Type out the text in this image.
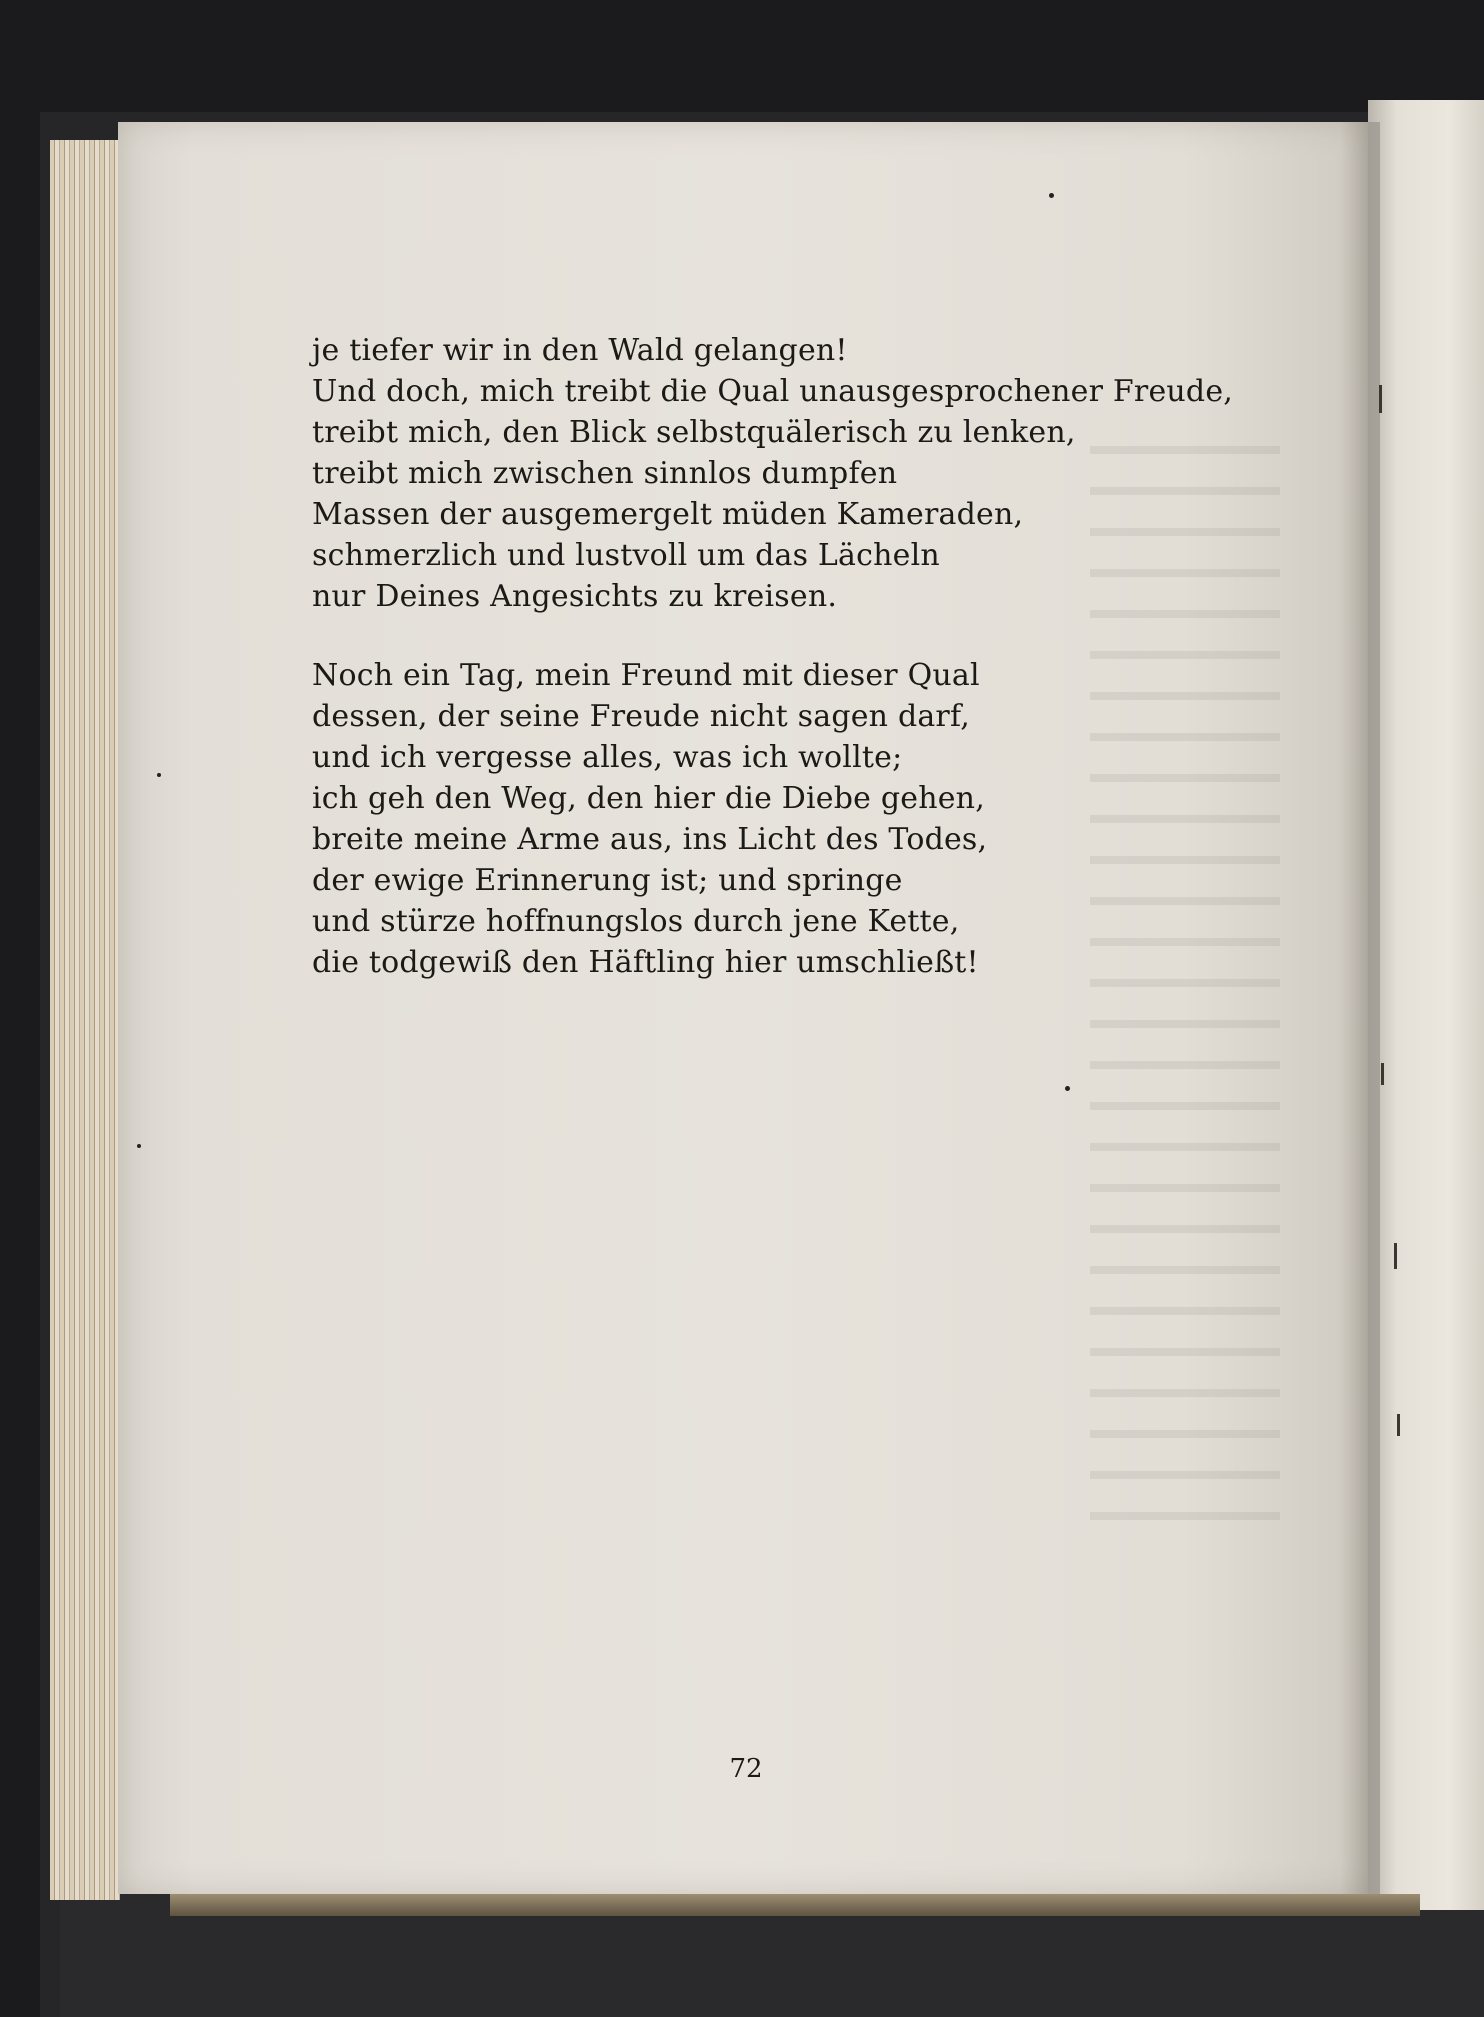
je tiefer wir in den Wald gelangen!
Und doch, mich treibt die Qual unausgesprochener Freude,
treibt mich, den Blick selbstquälerisch zu lenken,
treibt mich zwischen sinnlos dumpfen
Massen der ausgemergelt müden Kameraden,
schmerzlich und lustvoll um das Lächeln
nur Deines Angesichts zu kreisen.
Noch ein Tag, mein Freund mit dieser Qual
dessen, der seine Freude nicht sagen darf,
und ich vergesse alles, was ich wollte;
ich geh den Weg, den hier die Diebe gehen,
breite meine Arme aus, ins Licht des Todes,
der ewige Erinnerung ist; und springe
und stürze hoffnungslos durch jene Kette,
die todgewiß den Häftling hier umschließt!
72
